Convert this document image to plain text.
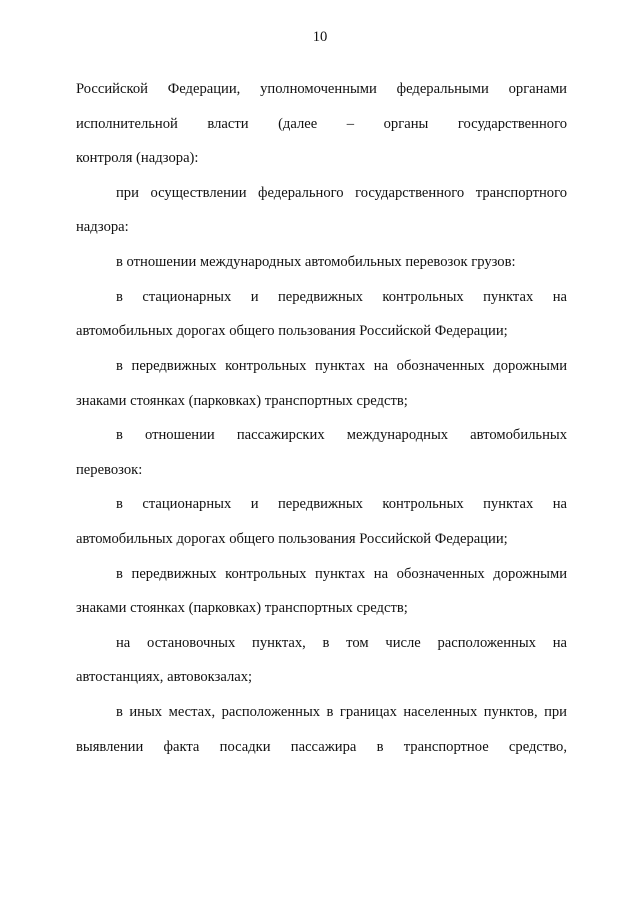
10
Российской Федерации, уполномоченными федеральными органами
исполнительной власти (далее – органы государственного
контроля (надзора):
при осуществлении федерального государственного транспортного
надзора:
в отношении международных автомобильных перевозок грузов:
в стационарных и передвижных контрольных пунктах на
автомобильных дорогах общего пользования Российской Федерации;
в передвижных контрольных пунктах на обозначенных дорожными
знаками стоянках (парковках) транспортных средств;
в отношении пассажирских международных автомобильных
перевозок:
в стационарных и передвижных контрольных пунктах на
автомобильных дорогах общего пользования Российской Федерации;
в передвижных контрольных пунктах на обозначенных дорожными
знаками стоянках (парковках) транспортных средств;
на остановочных пунктах, в том числе расположенных на
автостанциях, автовокзалах;
в иных местах, расположенных в границах населенных пунктов, при
выявлении факта посадки пассажира в транспортное средство,
